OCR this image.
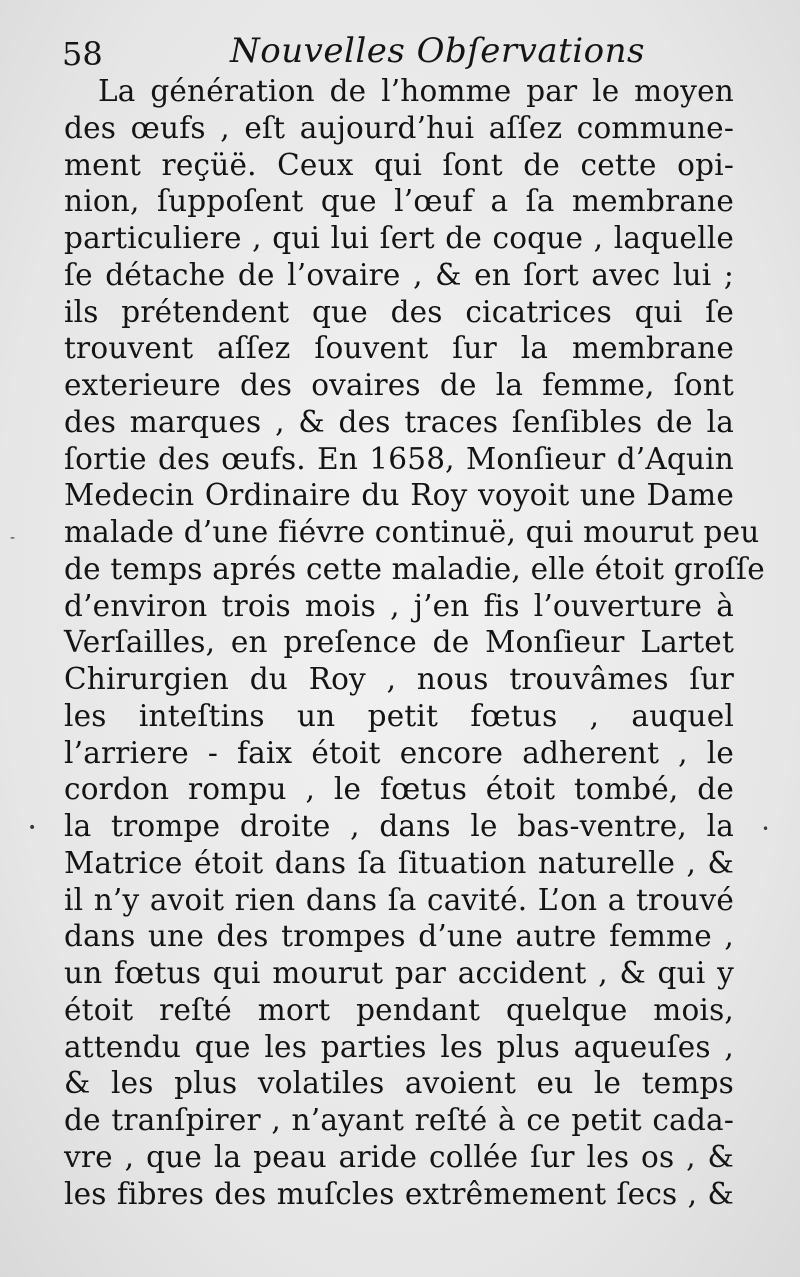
58	Nouvelles Obſervations
La génération de l’homme par le moyen
des œufs , eſt aujourd’hui aſſez commune-
ment reçüë. Ceux qui ſont de cette opi-
nion, ſuppoſent que l’œuf a ſa membrane
particuliere , qui lui ſert de coque , laquelle
ſe détache de l’ovaire , & en ſort avec lui ;
ils prétendent que des cicatrices qui ſe
trouvent aſſez ſouvent ſur la membrane
exterieure des ovaires de la femme, ſont
des marques , & des traces ſenſibles de la
ſortie des œufs. En 1658, Monſieur d’Aquin
Medecin Ordinaire du Roy voyoit une Dame
malade d’une fiévre continuë, qui mourut peu
de temps aprés cette maladie, elle étoit groſſe
d’environ trois mois , j’en fis l’ouverture à
Verſailles, en preſence de Monſieur Lartet
Chirurgien du Roy , nous trouvâmes ſur
les inteſtins un petit fœtus , auquel
l’arriere - faix étoit encore adherent , le
cordon rompu , le fœtus étoit tombé, de
la trompe droite , dans le bas-ventre, la
Matrice étoit dans ſa ſituation naturelle , &
il n’y avoit rien dans ſa cavité. L’on a trouvé
dans une des trompes d’une autre femme ,
un fœtus qui mourut par accident , & qui y
étoit reſté mort pendant quelque mois,
attendu que les parties les plus aqueuſes ,
& les plus volatiles avoient eu le temps
de tranſpirer , n’ayant reſté à ce petit cada-
vre , que la peau aride collée ſur les os , &
les fibres des muſcles extrêmement ſecs , &
-
•	•
